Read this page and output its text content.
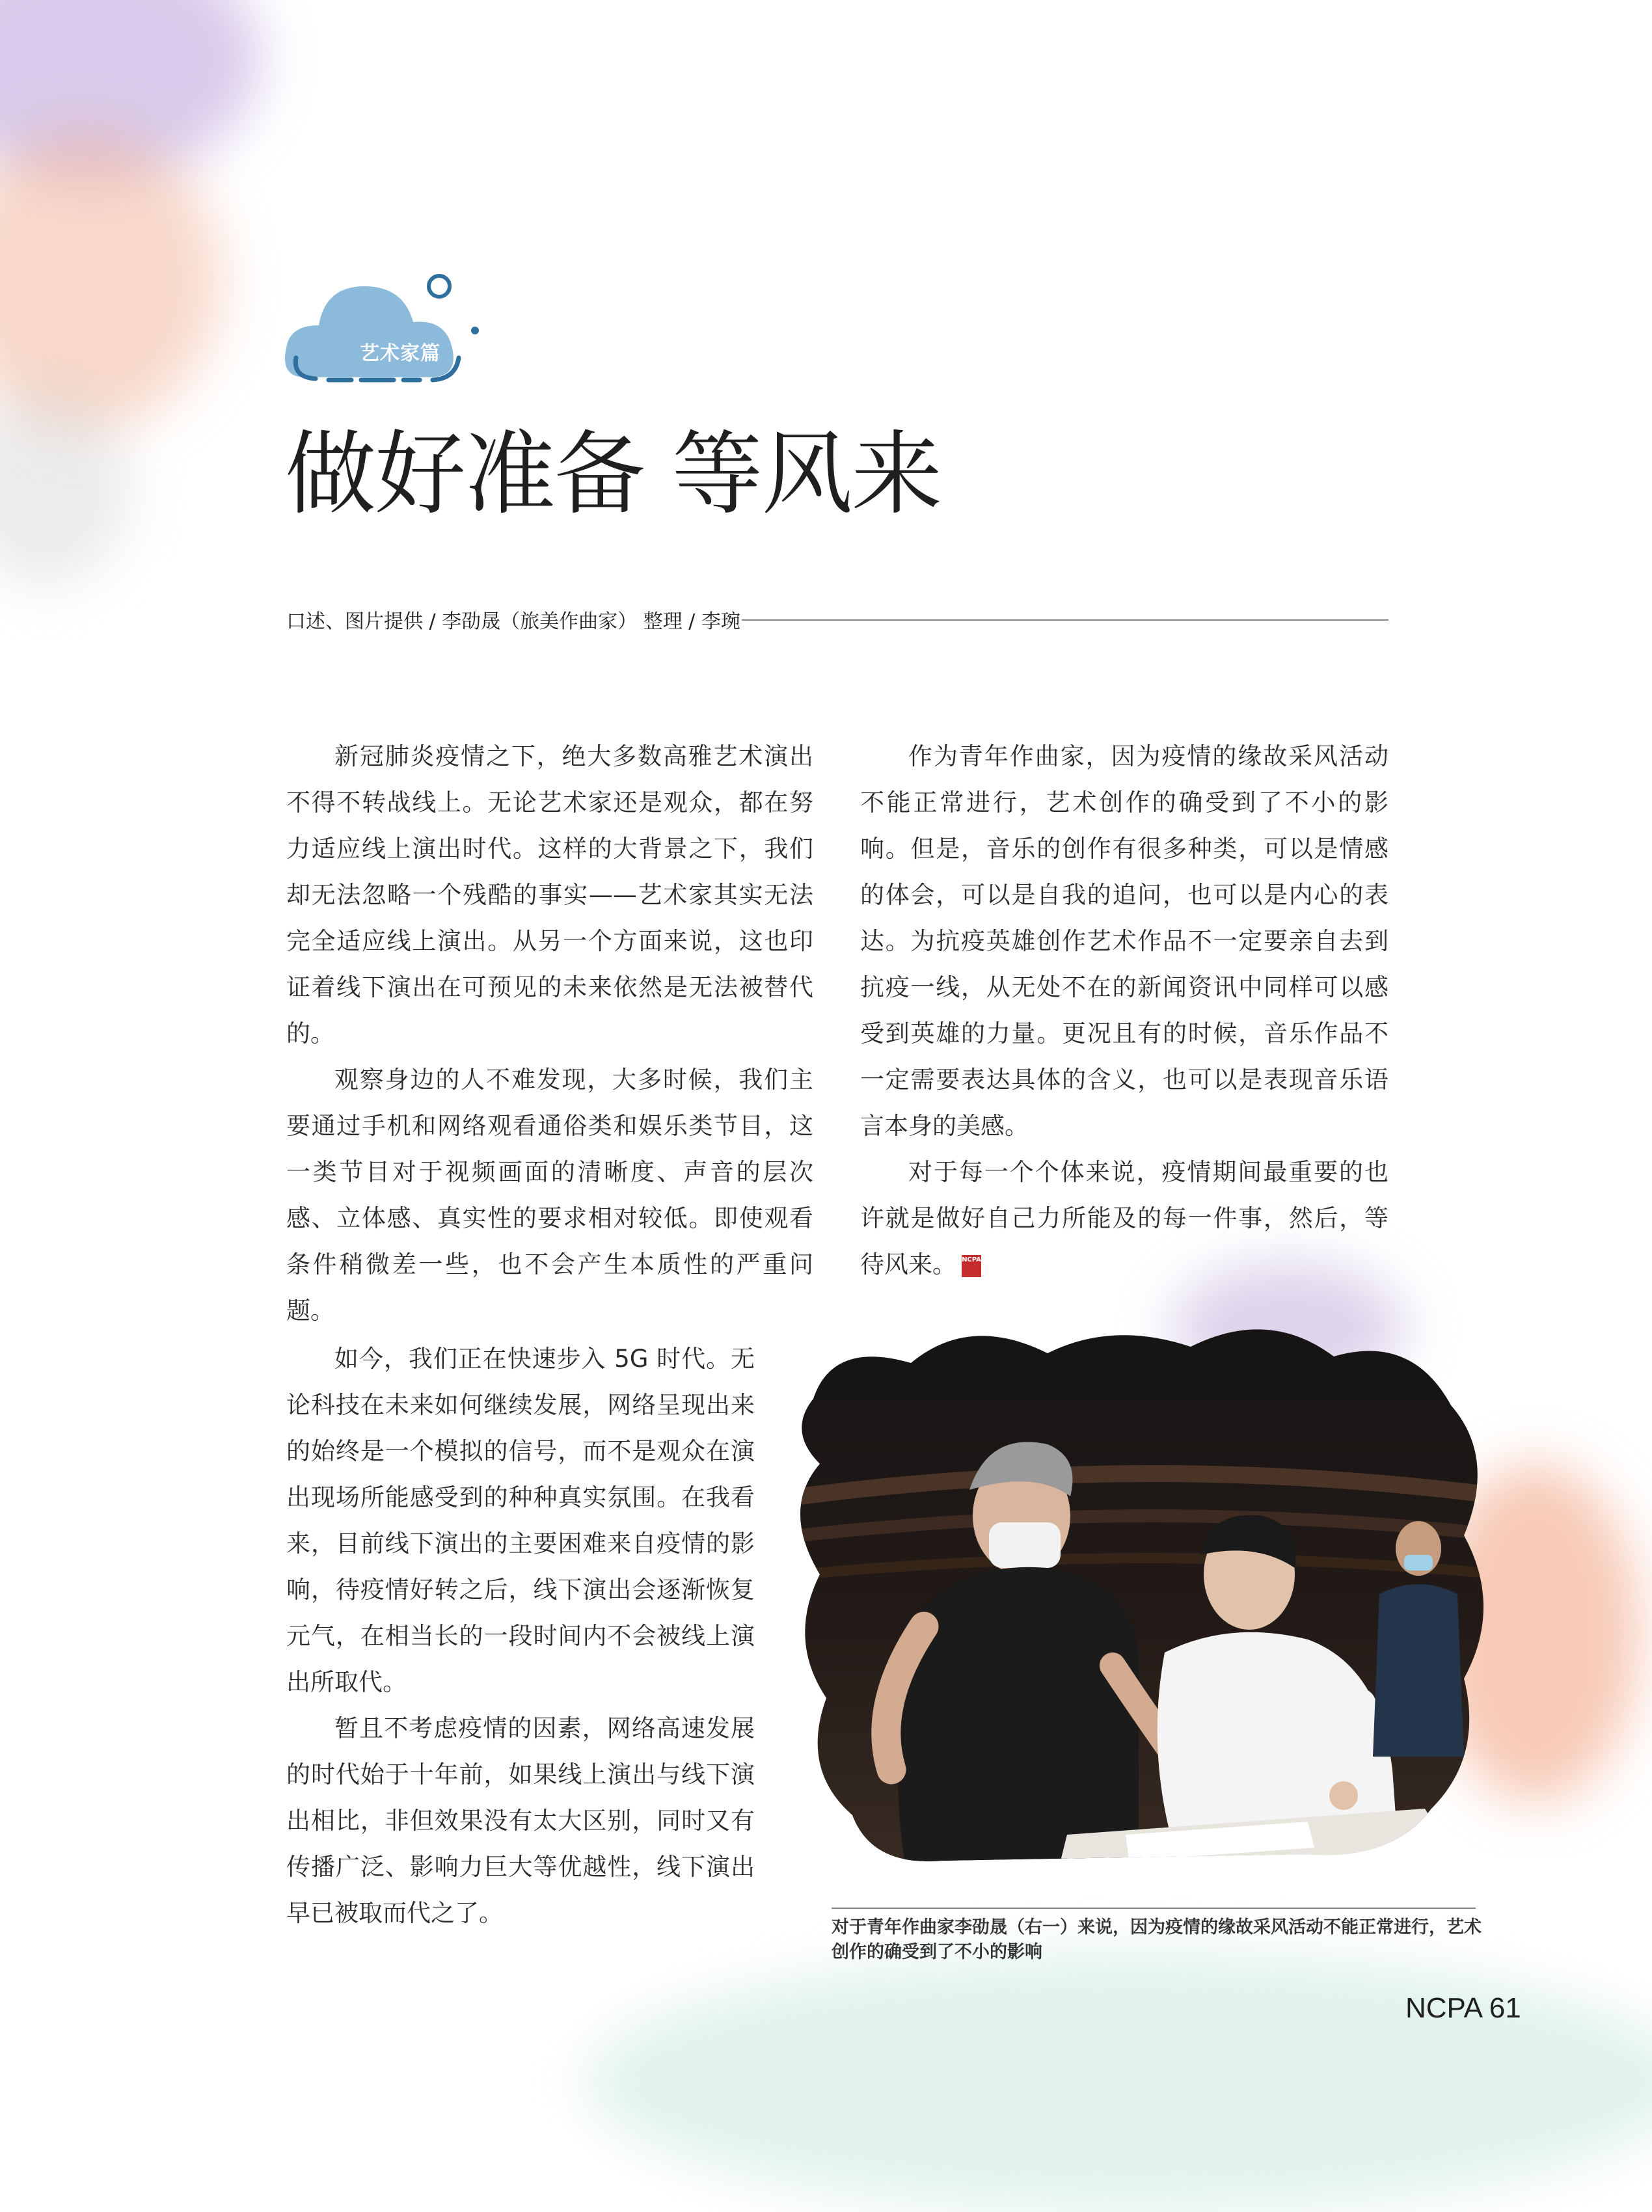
艺术家篇
做好准备 等风来
口述、图片提供 / 李劭晟（旅美作曲家） 整理 / 李琬

新冠肺炎疫情之下，绝大多数高雅艺术演出不得不转战线上。无论艺术家还是观众，都在努力适应线上演出时代。这样的大背景之下，我们却无法忽略一个残酷的事实——艺术家其实无法完全适应线上演出。从另一个方面来说，这也印证着线下演出在可预见的未来依然是无法被替代的。

观察身边的人不难发现，大多时候，我们主要通过手机和网络观看通俗类和娱乐类节目，这一类节目对于视频画面的清晰度、声音的层次感、立体感、真实性的要求相对较低。即使观看条件稍微差一些，也不会产生本质性的严重问题。

如今，我们正在快速步入 5G 时代。无论科技在未来如何继续发展，网络呈现出来的始终是一个模拟的信号，而不是观众在演出现场所能感受到的种种真实氛围。在我看来，目前线下演出的主要困难来自疫情的影响，待疫情好转之后，线下演出会逐渐恢复元气，在相当长的一段时间内不会被线上演出所取代。

暂且不考虑疫情的因素，网络高速发展的时代始于十年前，如果线上演出与线下演出相比，非但效果没有太大区别，同时又有传播广泛、影响力巨大等优越性，线下演出早已被取而代之了。

作为青年作曲家，因为疫情的缘故采风活动不能正常进行，艺术创作的确受到了不小的影响。但是，音乐的创作有很多种类，可以是情感的体会，可以是自我的追问，也可以是内心的表达。为抗疫英雄创作艺术作品不一定要亲自去到抗疫一线，从无处不在的新闻资讯中同样可以感受到英雄的力量。更况且有的时候，音乐作品不一定需要表达具体的含义，也可以是表现音乐语言本身的美感。

对于每一个个体来说，疫情期间最重要的也许就是做好自己力所能及的每一件事，然后，等待风来。 NCPA

对于青年作曲家李劭晟（右一）来说，因为疫情的缘故采风活动不能正常进行，艺术创作的确受到了不小的影响
NCPA 61
